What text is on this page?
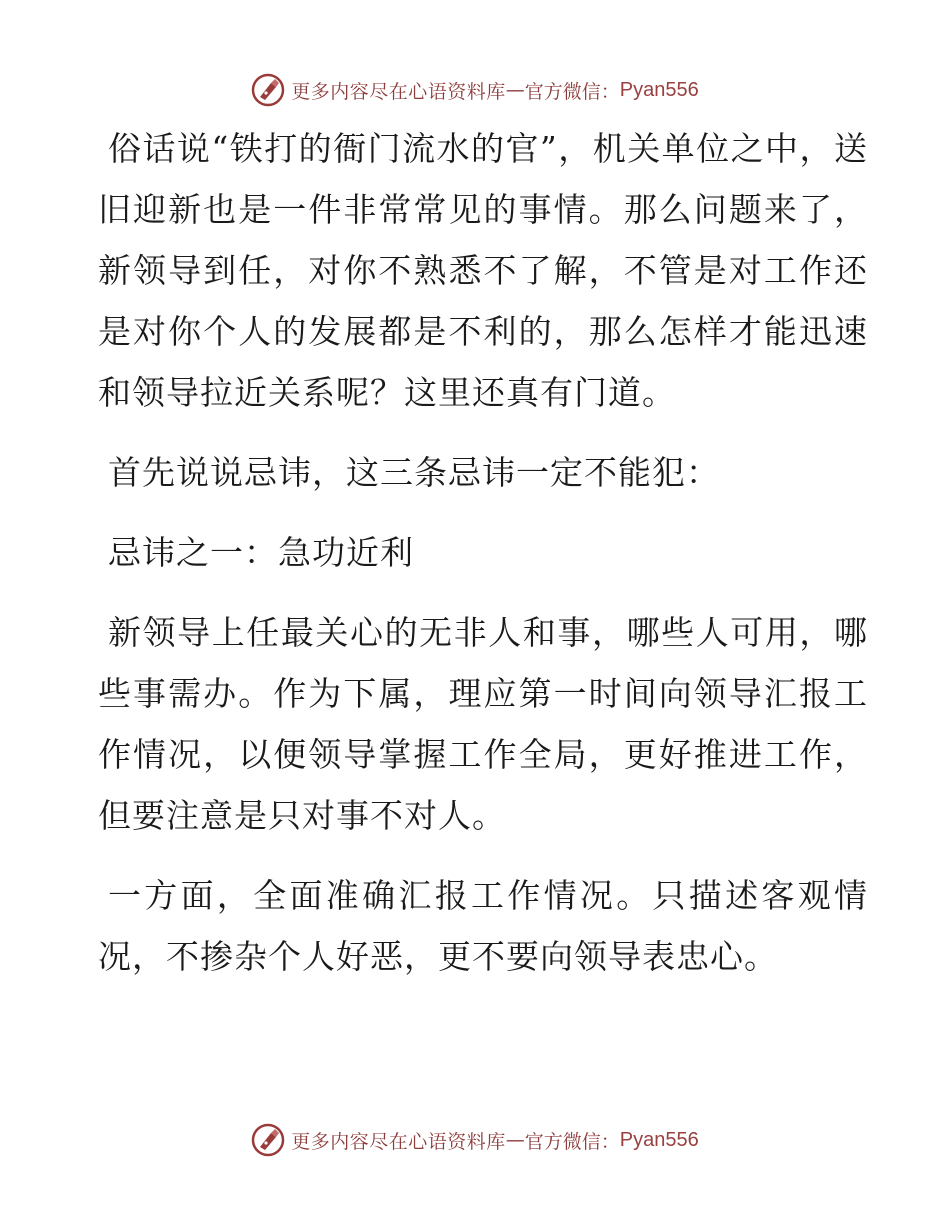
更多内容尽在心语资料库 — 官方微信： Pyan556

俗话说“铁打的衙门流水的官”，机关单位之中，送旧迎新也是一件非常常见的事情。那么问题来了，新领导到任，对你不熟悉不了解，不管是对工作还是对你个人的发展都是不利的，那么怎样才能迅速和领导拉近关系呢？这里还真有门道。

首先说说忌讳，这三条忌讳一定不能犯：

忌讳之一：急功近利

新领导上任最关心的无非人和事，哪些人可用，哪些事需办。作为下属，理应第一时间向领导汇报工作情况，以便领导掌握工作全局，更好推进工作，但要注意是只对事不对人。

一方面，全面准确汇报工作情况。只描述客观情况，不掺杂个人好恶，更不要向领导表忠心。

更多内容尽在心语资料库 — 官方微信： Pyan556
